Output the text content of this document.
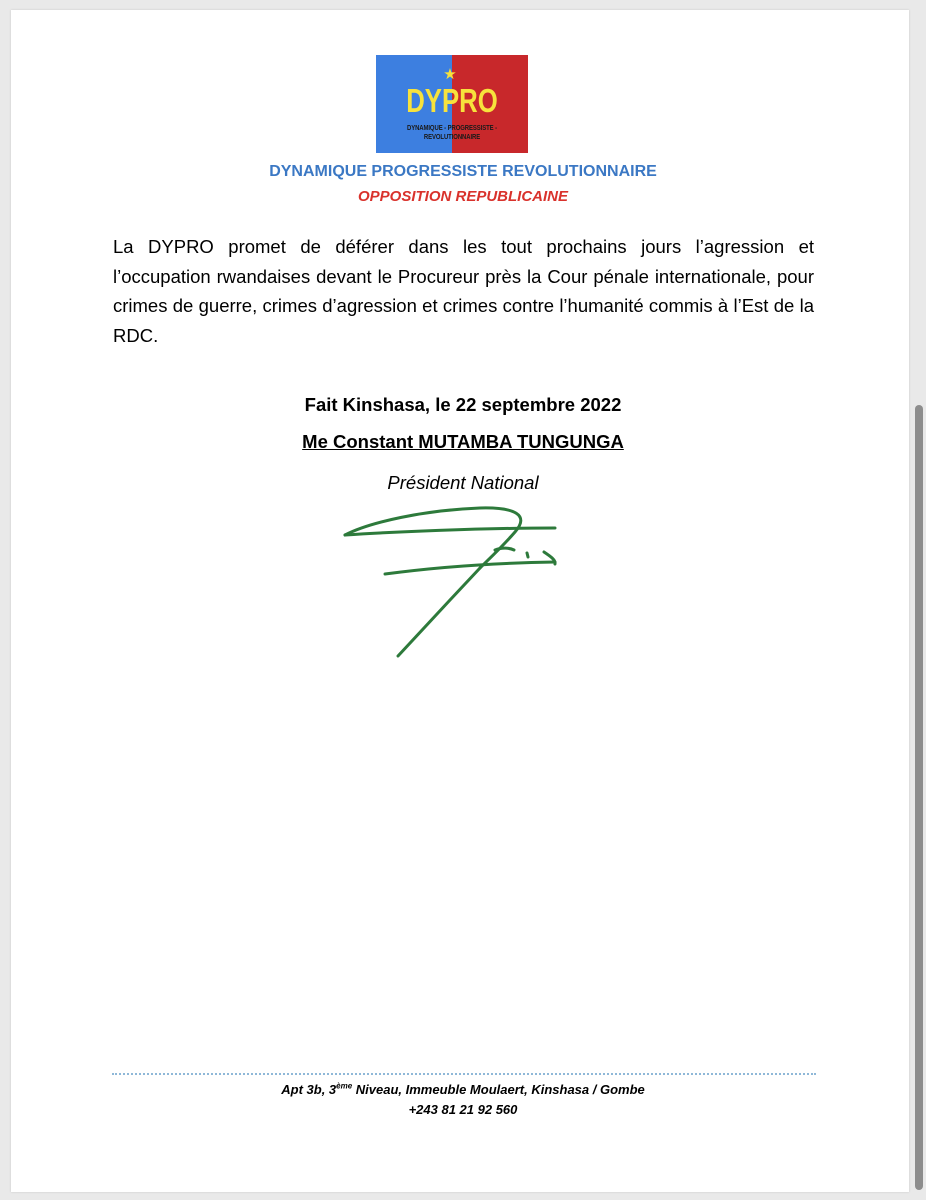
★
DYPRO
DYNAMIQUE - PROGRESSISTE - REVOLUTIONNAIRE
DYNAMIQUE PROGRESSISTE REVOLUTIONNAIRE
OPPOSITION REPUBLICAINE
La DYPRO promet de déférer dans les tout prochains jours l’agression et l’occupation rwandaises devant le Procureur près la Cour pénale internationale, pour crimes de guerre, crimes d’agression et crimes contre l’humanité commis à l’Est de la RDC.
Fait Kinshasa, le 22 septembre 2022
Me Constant MUTAMBA TUNGUNGA
Président National
Apt 3b, 3ème Niveau, Immeuble Moulaert, Kinshasa / Gombe
+243 81 21 92 560
